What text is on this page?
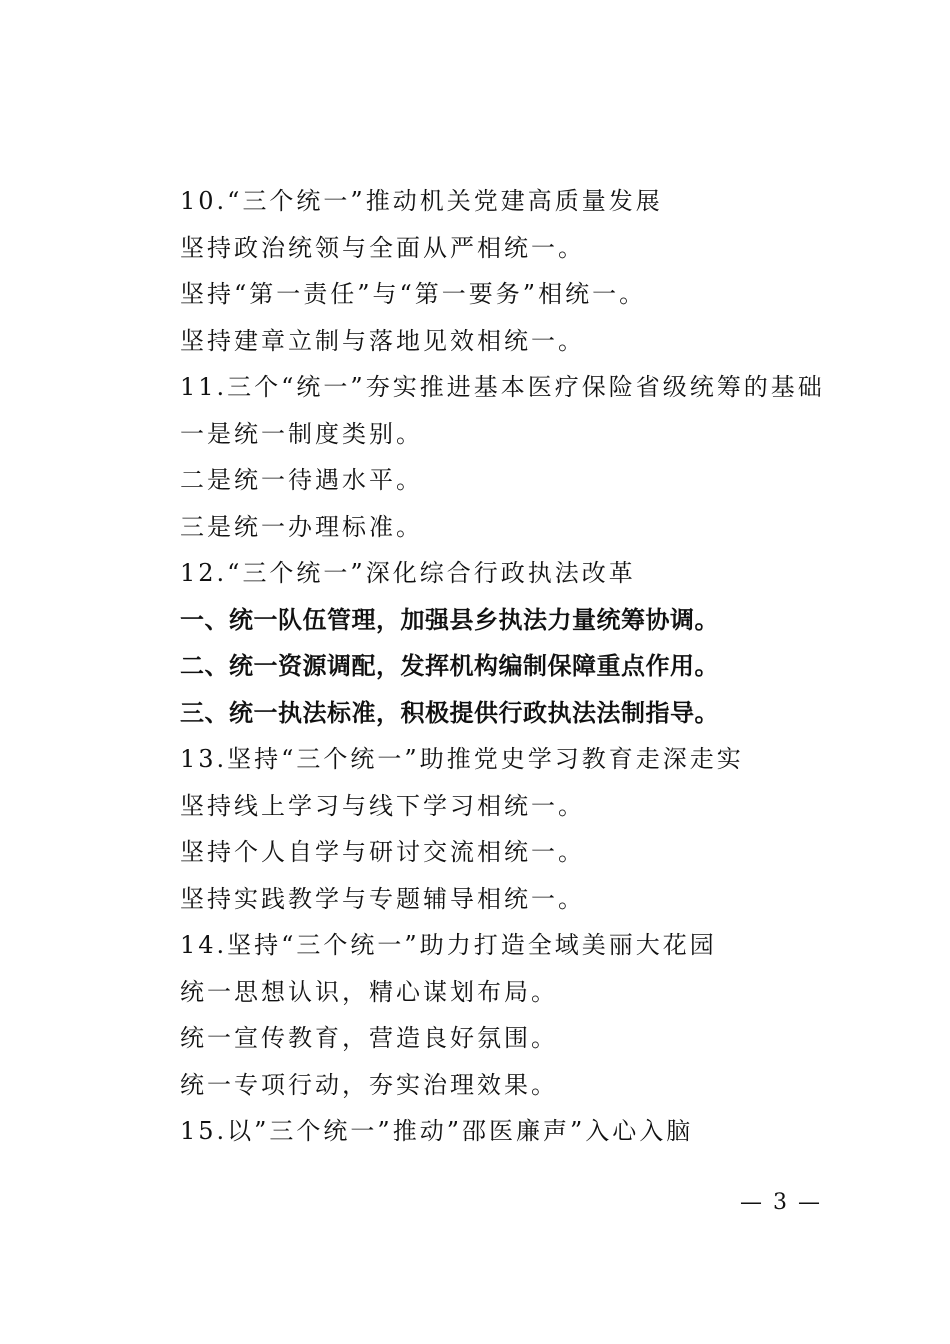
10.“三个统一”推动机关党建高质量发展
坚持政治统领与全面从严相统一。
坚持“第一责任”与“第一要务”相统一。
坚持建章立制与落地见效相统一。
11.三个“统一”夯实推进基本医疗保险省级统筹的基础
一是统一制度类别。
二是统一待遇水平。
三是统一办理标准。
12.“三个统一”深化综合行政执法改革
一、统一队伍管理，加强县乡执法力量统筹协调。
二、统一资源调配，发挥机构编制保障重点作用。
三、统一执法标准，积极提供行政执法法制指导。
13.坚持“三个统一”助推党史学习教育走深走实
坚持线上学习与线下学习相统一。
坚持个人自学与研讨交流相统一。
坚持实践教学与专题辅导相统一。
14.坚持“三个统一”助力打造全域美丽大花园
统一思想认识，精心谋划布局。
统一宣传教育，营造良好氛围。
统一专项行动，夯实治理效果。
15.以”三个统一”推动”邵医廉声”入心入脑
— 3 —
